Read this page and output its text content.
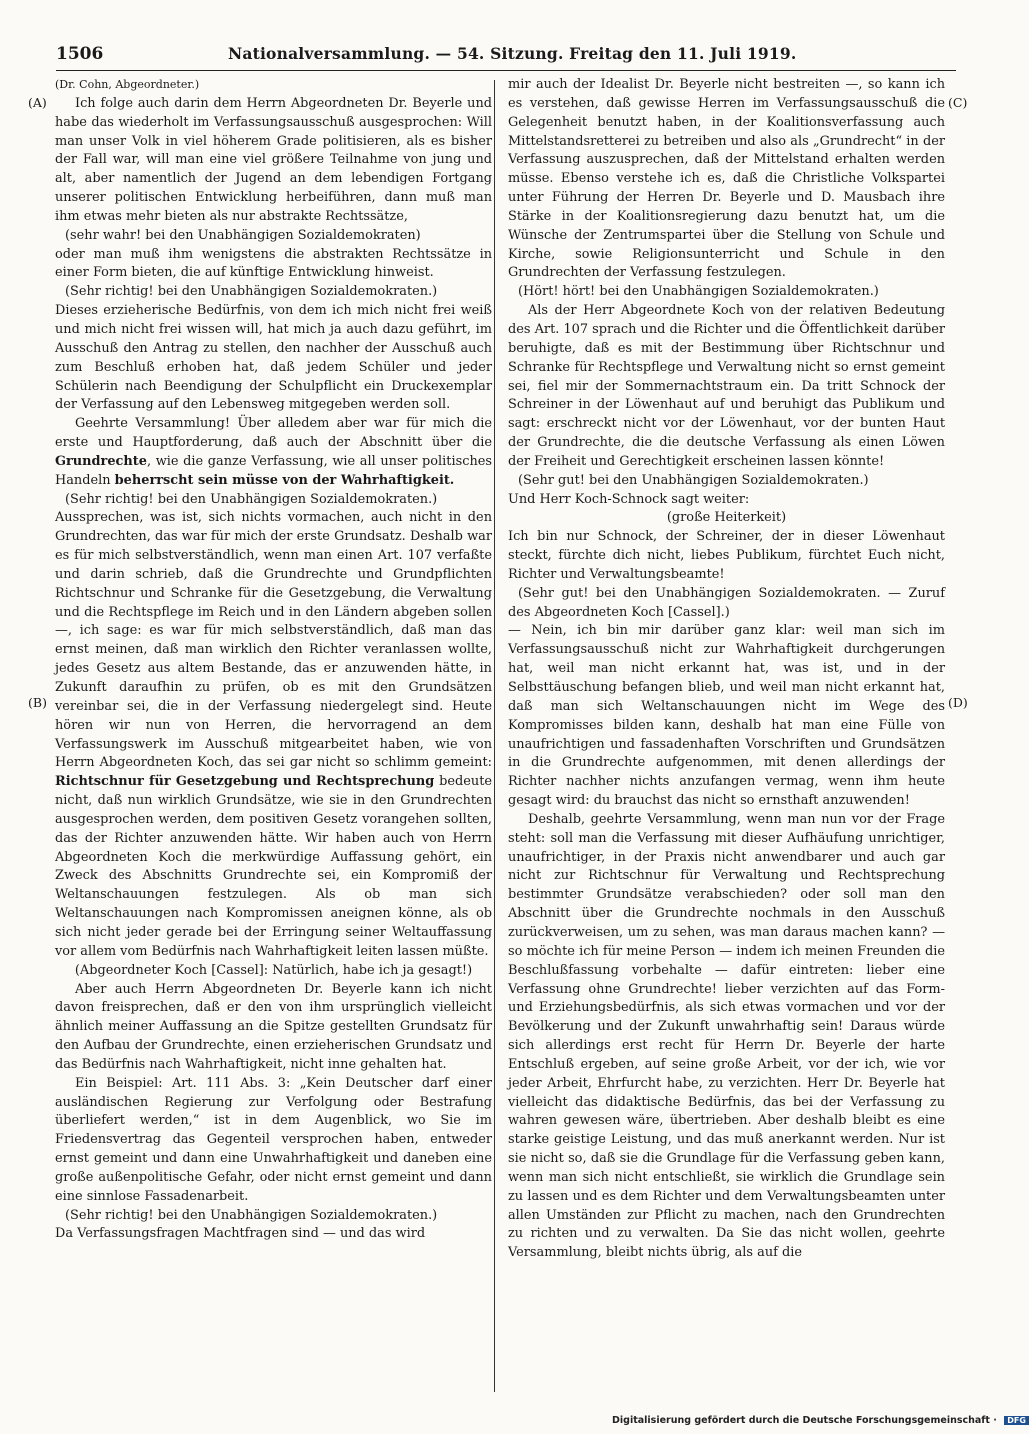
1506	Nationalversammlung. — 54. Sitzung. Freitag den 11. Juli 1919.
(A)
(B)
(C)
(D)

(Dr. Cohn, Abgeordneter.)

Ich folge auch darin dem Herrn Abgeordneten Dr. Beyerle und habe das wiederholt im Verfassungsausschuß ausgesprochen: Will man unser Volk in viel höherem Grade politisieren, als es bisher der Fall war, will man eine viel größere Teilnahme von jung und alt, aber namentlich der Jugend an dem lebendigen Fortgang unserer politischen Entwicklung herbeiführen, dann muß man ihm etwas mehr bieten als nur abstrakte Rechtssätze,

(sehr wahr! bei den Unabhängigen Sozialdemokraten)

oder man muß ihm wenigstens die abstrakten Rechtssätze in einer Form bieten, die auf künftige Entwicklung hinweist.

(Sehr richtig! bei den Unabhängigen Sozialdemokraten.)

Dieses erzieherische Bedürfnis, von dem ich mich nicht frei weiß und mich nicht frei wissen will, hat mich ja auch dazu geführt, im Ausschuß den Antrag zu stellen, den nachher der Ausschuß auch zum Beschluß erhoben hat, daß jedem Schüler und jeder Schülerin nach Beendigung der Schulpflicht ein Druckexemplar der Verfassung auf den Lebensweg mitgegeben werden soll.

Geehrte Versammlung! Über alledem aber war für mich die erste und Hauptforderung, daß auch der Abschnitt über die Grundrechte, wie die ganze Verfassung, wie all unser politisches Handeln beherrscht sein müsse von der Wahrhaftigkeit.

(Sehr richtig! bei den Unabhängigen Sozialdemokraten.)

Aussprechen, was ist, sich nichts vormachen, auch nicht in den Grundrechten, das war für mich der erste Grundsatz. Deshalb war es für mich selbstverständlich, wenn man einen Art. 107 verfaßte und darin schrieb, daß die Grundrechte und Grundpflichten Richtschnur und Schranke für die Gesetzgebung, die Verwaltung und die Rechtspflege im Reich und in den Ländern abgeben sollen —, ich sage: es war für mich selbstverständlich, daß man das ernst meinen, daß man wirklich den Richter veranlassen wollte, jedes Gesetz aus altem Bestande, das er anzuwenden hätte, in Zukunft daraufhin zu prüfen, ob es mit den Grundsätzen vereinbar sei, die in der Verfassung niedergelegt sind. Heute hören wir nun von Herren, die hervorragend an dem Verfassungswerk im Ausschuß mitgearbeitet haben, wie von Herrn Abgeordneten Koch, das sei gar nicht so schlimm gemeint: Richtschnur für Gesetzgebung und Rechtsprechung bedeute nicht, daß nun wirklich Grundsätze, wie sie in den Grundrechten ausgesprochen werden, dem positiven Gesetz vorangehen sollten, das der Richter anzuwenden hätte. Wir haben auch von Herrn Abgeordneten Koch die merkwürdige Auffassung gehört, ein Zweck des Abschnitts Grundrechte sei, ein Kompromiß der Weltanschauungen festzulegen. Als ob man sich Weltanschauungen nach Kompromissen aneignen könne, als ob sich nicht jeder gerade bei der Erringung seiner Weltauffassung vor allem vom Bedürfnis nach Wahrhaftigkeit leiten lassen müßte.

(Abgeordneter Koch [Cassel]: Natürlich, habe ich ja gesagt!)

Aber auch Herrn Abgeordneten Dr. Beyerle kann ich nicht davon freisprechen, daß er den von ihm ursprünglich vielleicht ähnlich meiner Auffassung an die Spitze gestellten Grundsatz für den Aufbau der Grundrechte, einen erzieherischen Grundsatz und das Bedürfnis nach Wahrhaftigkeit, nicht inne gehalten hat.

Ein Beispiel: Art. 111 Abs. 3: „Kein Deutscher darf einer ausländischen Regierung zur Verfolgung oder Bestrafung überliefert werden,“ ist in dem Augenblick, wo Sie im Friedensvertrag das Gegenteil versprochen haben, entweder ernst gemeint und dann eine Unwahrhaftigkeit und daneben eine große außenpolitische Gefahr, oder nicht ernst gemeint und dann eine sinnlose Fassadenarbeit.

(Sehr richtig! bei den Unabhängigen Sozialdemokraten.)

Da Verfassungsfragen Machtfragen sind — und das wird

mir auch der Idealist Dr. Beyerle nicht bestreiten —, so kann ich es verstehen, daß gewisse Herren im Verfassungsausschuß die Gelegenheit benutzt haben, in der Koalitionsverfassung auch Mittelstandsretterei zu betreiben und also als „Grundrecht“ in der Verfassung auszusprechen, daß der Mittelstand erhalten werden müsse. Ebenso verstehe ich es, daß die Christliche Volkspartei unter Führung der Herren Dr. Beyerle und D. Mausbach ihre Stärke in der Koalitionsregierung dazu benutzt hat, um die Wünsche der Zentrumspartei über die Stellung von Schule und Kirche, sowie Religionsunterricht und Schule in den Grundrechten der Verfassung festzulegen.

(Hört! hört! bei den Unabhängigen Sozialdemokraten.)

Als der Herr Abgeordnete Koch von der relativen Bedeutung des Art. 107 sprach und die Richter und die Öffentlichkeit darüber beruhigte, daß es mit der Bestimmung über Richtschnur und Schranke für Rechtspflege und Verwaltung nicht so ernst gemeint sei, fiel mir der Sommernachtstraum ein. Da tritt Schnock der Schreiner in der Löwenhaut auf und beruhigt das Publikum und sagt: erschreckt nicht vor der Löwenhaut, vor der bunten Haut der Grundrechte, die die deutsche Verfassung als einen Löwen der Freiheit und Gerechtigkeit erscheinen lassen könnte!

(Sehr gut! bei den Unabhängigen Sozialdemokraten.)

Und Herr Koch-Schnock sagt weiter:

(große Heiterkeit)

Ich bin nur Schnock, der Schreiner, der in dieser Löwenhaut steckt, fürchte dich nicht, liebes Publikum, fürchtet Euch nicht, Richter und Verwaltungsbeamte!

(Sehr gut! bei den Unabhängigen Sozialdemokraten. — Zuruf des Abgeordneten Koch [Cassel].)

— Nein, ich bin mir darüber ganz klar: weil man sich im Verfassungsausschuß nicht zur Wahrhaftigkeit durchgerungen hat, weil man nicht erkannt hat, was ist, und in der Selbsttäuschung befangen blieb, und weil man nicht erkannt hat, daß man sich Weltanschauungen nicht im Wege des Kompromisses bilden kann, deshalb hat man eine Fülle von unaufrichtigen und fassadenhaften Vorschriften und Grundsätzen in die Grundrechte aufgenommen, mit denen allerdings der Richter nachher nichts anzufangen vermag, wenn ihm heute gesagt wird: du brauchst das nicht so ernsthaft anzuwenden!

Deshalb, geehrte Versammlung, wenn man nun vor der Frage steht: soll man die Verfassung mit dieser Aufhäufung unrichtiger, unaufrichtiger, in der Praxis nicht anwendbarer und auch gar nicht zur Richtschnur für Verwaltung und Rechtsprechung bestimmter Grundsätze verabschieden? oder soll man den Abschnitt über die Grundrechte nochmals in den Ausschuß zurückverweisen, um zu sehen, was man daraus machen kann? — so möchte ich für meine Person — indem ich meinen Freunden die Beschlußfassung vorbehalte — dafür eintreten: lieber eine Verfassung ohne Grundrechte! lieber verzichten auf das Form- und Erziehungsbedürfnis, als sich etwas vormachen und vor der Bevölkerung und der Zukunft unwahrhaftig sein! Daraus würde sich allerdings erst recht für Herrn Dr. Beyerle der harte Entschluß ergeben, auf seine große Arbeit, vor der ich, wie vor jeder Arbeit, Ehrfurcht habe, zu verzichten. Herr Dr. Beyerle hat vielleicht das didaktische Bedürfnis, das bei der Verfassung zu wahren gewesen wäre, übertrieben. Aber deshalb bleibt es eine starke geistige Leistung, und das muß anerkannt werden. Nur ist sie nicht so, daß sie die Grundlage für die Verfassung geben kann, wenn man sich nicht entschließt, sie wirklich die Grundlage sein zu lassen und es dem Richter und dem Verwaltungsbeamten unter allen Umständen zur Pflicht zu machen, nach den Grundrechten zu richten und zu verwalten. Da Sie das nicht wollen, geehrte Versammlung, bleibt nichts übrig, als auf die

Digitalisierung gefördert durch die Deutsche Forschungsgemeinschaft · DFG
